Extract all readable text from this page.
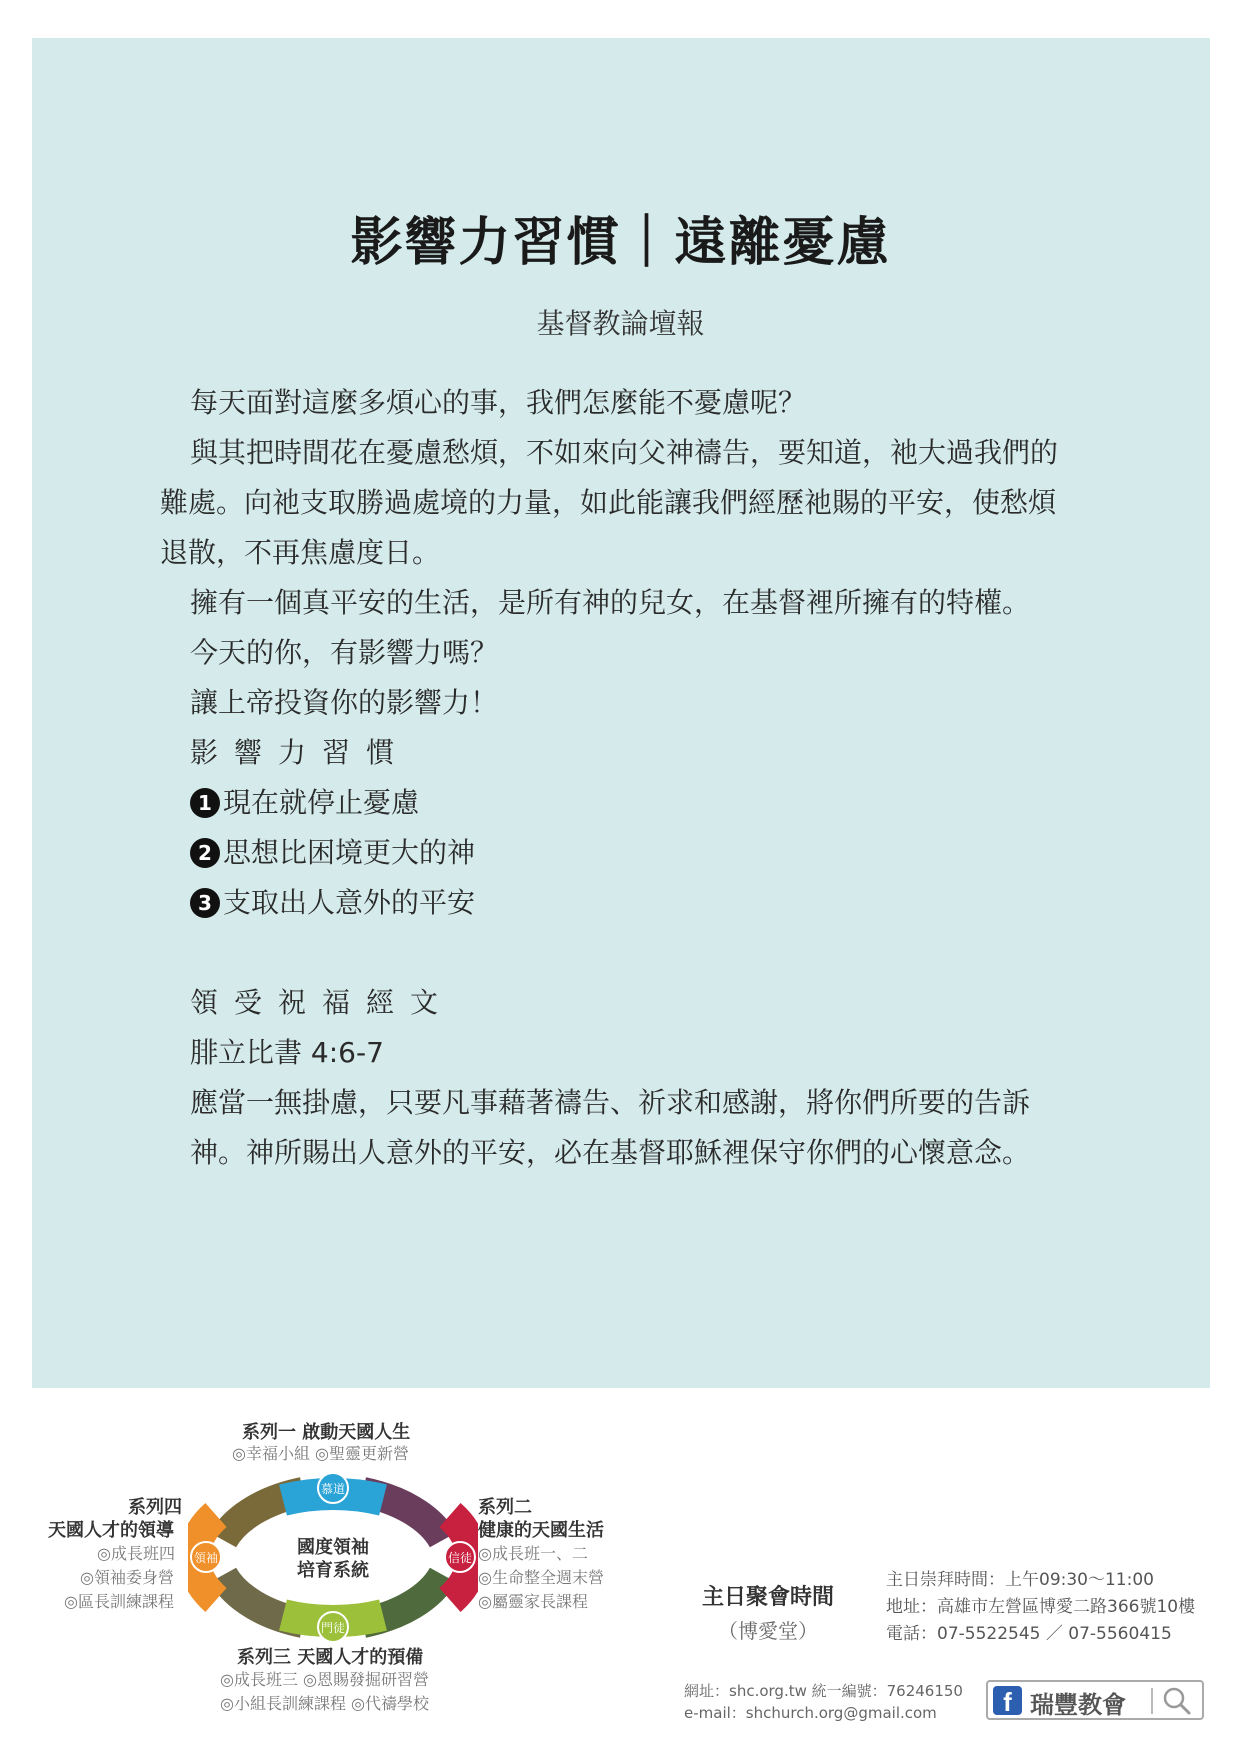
影響力習慣｜遠離憂慮
基督教論壇報

每天面對這麼多煩心的事，我們怎麼能不憂慮呢？

與其把時間花在憂慮愁煩，不如來向父神禱告，要知道，祂大過我們的難處。向祂支取勝過處境的力量，如此能讓我們經歷祂賜的平安，使愁煩退散，不再焦慮度日。

擁有一個真平安的生活，是所有神的兒女，在基督裡所擁有的特權。

今天的你，有影響力嗎？

讓上帝投資你的影響力！

影響力習慣

1 現在就停止憂慮

2 思想比困境更大的神

3 支取出人意外的平安

領受祝福經文

腓立比書 4:6-7

應當一無掛慮，只要凡事藉著禱告、祈求和感謝，將你們所要的告訴神。神所賜出人意外的平安，必在基督耶穌裡保守你們的心懷意念。

慕道
信徒
門徒
領袖	國度領袖
培育系統
系列一 啟動天國人生
◎幸福小組 ◎聖靈更新營
系列二
健康的天國生活
◎成長班一、二
◎生命整全週末營
◎屬靈家長課程
系列三 天國人才的預備
◎成長班三 ◎恩賜發掘研習營
◎小組長訓練課程 ◎代禱學校
系列四
天國人才的領導
◎成長班四
◎領袖委身營
◎區長訓練課程	主日聚會時間
（博愛堂）
主日崇拜時間：上午09:30～11:00
地址：高雄市左營區博愛二路366號10樓
電話：07-5522545 ／ 07-5560415
網址：shc.org.tw 統一編號：76246150
e-mail：shchurch.org@gmail.com	f 瑞豐教會
